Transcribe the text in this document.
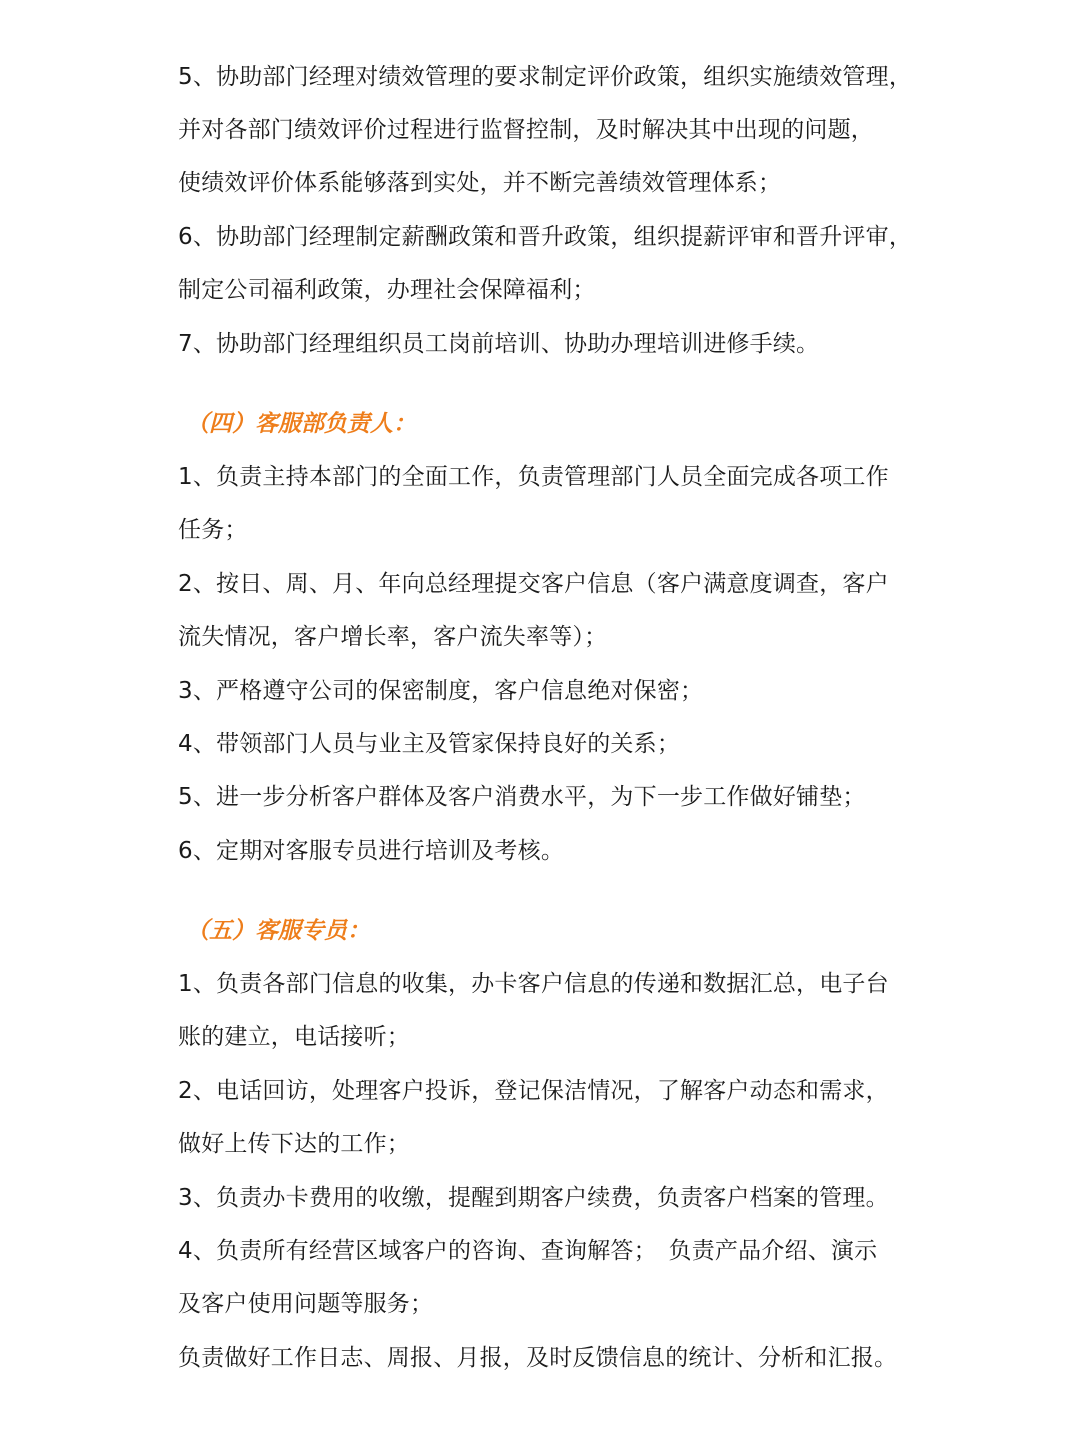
5、协助部门经理对绩效管理的要求制定评价政策，组织实施绩效管理，
并对各部门绩效评价过程进行监督控制，及时解决其中出现的问题，
使绩效评价体系能够落到实处，并不断完善绩效管理体系；
6、协助部门经理制定薪酬政策和晋升政策，组织提薪评审和晋升评审，
制定公司福利政策，办理社会保障福利；
7、协助部门经理组织员工岗前培训、协助办理培训进修手续。
（四）客服部负责人：
1、负责主持本部门的全面工作，负责管理部门人员全面完成各项工作
任务；
2、按日、周、月、年向总经理提交客户信息（客户满意度调查，客户
流失情况，客户增长率，客户流失率等）；
3、严格遵守公司的保密制度，客户信息绝对保密；
4、带领部门人员与业主及管家保持良好的关系；
5、进一步分析客户群体及客户消费水平，为下一步工作做好铺垫；
6、定期对客服专员进行培训及考核。
（五）客服专员：
1、负责各部门信息的收集，办卡客户信息的传递和数据汇总，电子台
账的建立，电话接听；
2、电话回访，处理客户投诉，登记保洁情况，了解客户动态和需求，
做好上传下达的工作；
3、负责办卡费用的收缴，提醒到期客户续费，负责客户档案的管理。
4、负责所有经营区域客户的咨询、查询解答；　负责产品介绍、演示
及客户使用问题等服务；
负责做好工作日志、周报、月报，及时反馈信息的统计、分析和汇报。
